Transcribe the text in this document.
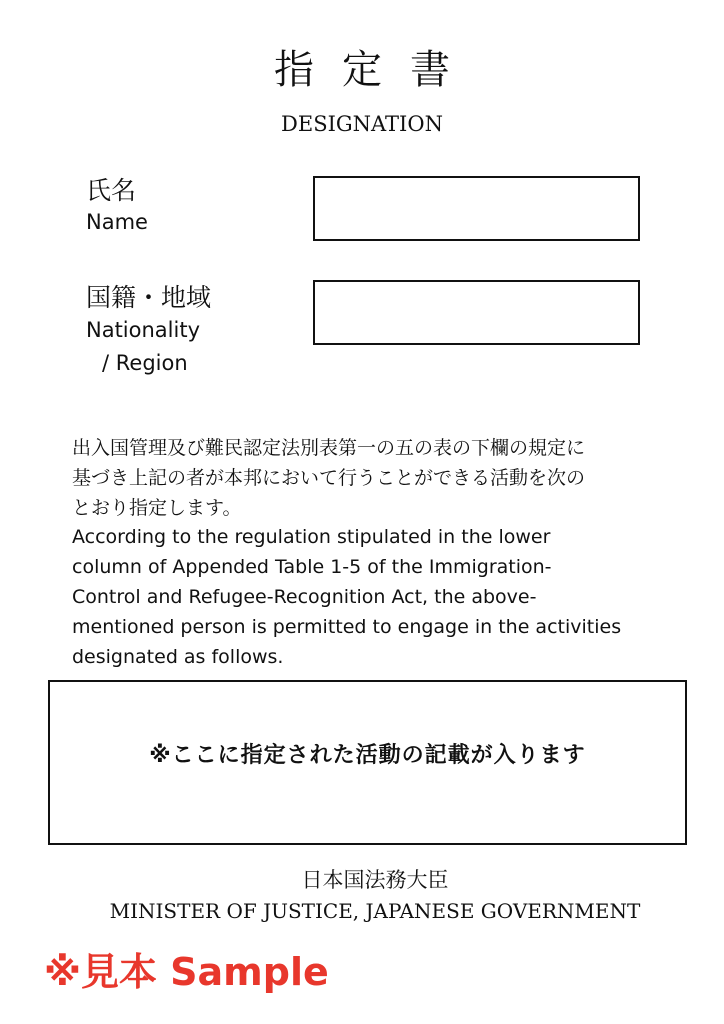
指定書
DESIGNATION
氏名
Name
国籍・地域
Nationality
/ Region
出入国管理及び難民認定法別表第一の五の表の下欄の規定に
基づき上記の者が本邦において行うことができる活動を次の
とおり指定します。
According to the regulation stipulated in the lower
column of Appended Table 1-5 of the Immigration-
Control and Refugee-Recognition Act, the above-
mentioned person is permitted to engage in the activities
designated as follows.
※ここに指定された活動の記載が入ります
日本国法務大臣
MINISTER OF JUSTICE, JAPANESE GOVERNMENT
※見本 Sample
